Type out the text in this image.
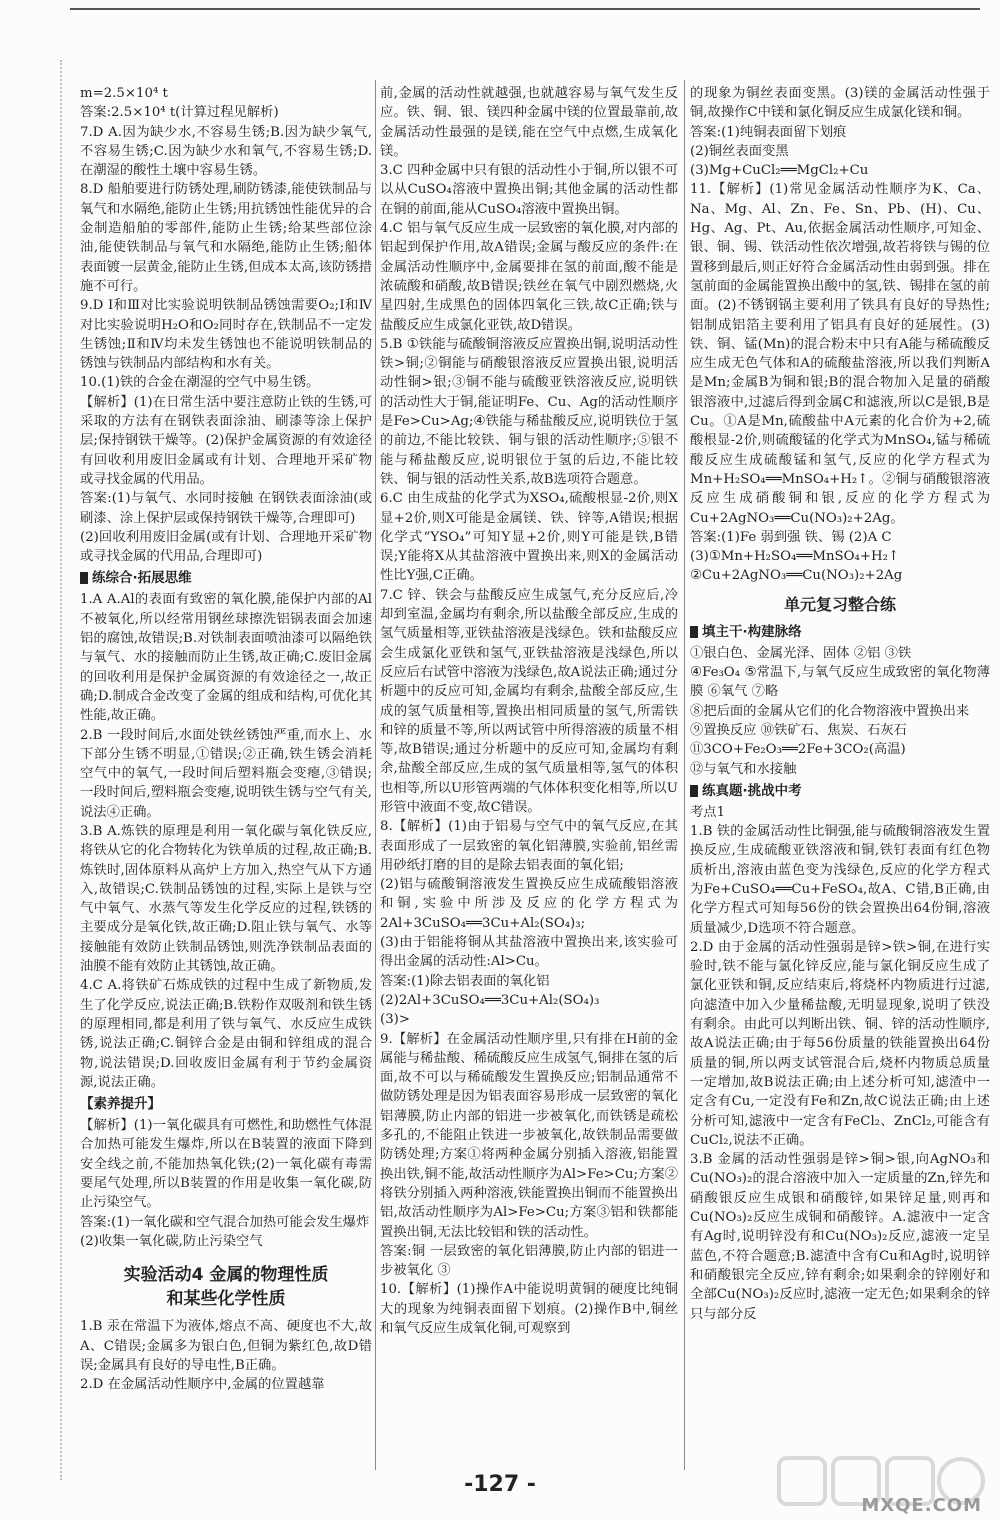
m=2.5×10⁴ t
答案:2.5×10⁴ t(计算过程见解析)
7.D A.因为缺少水,不容易生锈;B.因为缺少氧气,不容易生锈;C.因为缺少水和氧气,不容易生锈;D.在潮湿的酸性土壤中容易生锈。
8.D 船舶要进行防锈处理,刷防锈漆,能使铁制品与氧气和水隔绝,能防止生锈;用抗锈蚀性能优异的合金制造船舶的零部件,能防止生锈;给某些部位涂油,能使铁制品与氧气和水隔绝,能防止生锈;船体表面镀一层黄金,能防止生锈,但成本太高,该防锈措施不可行。
9.D Ⅰ和Ⅲ对比实验说明铁制品锈蚀需要O₂;Ⅰ和Ⅳ对比实验说明H₂O和O₂同时存在,铁制品不一定发生锈蚀;Ⅱ和Ⅳ均未发生锈蚀也不能说明铁制品的锈蚀与铁制品内部结构和水有关。
10.(1)铁的合金在潮湿的空气中易生锈。
【解析】(1)在日常生活中要注意防止铁的生锈,可采取的方法有在钢铁表面涂油、刷漆等涂上保护层;保持钢铁干燥等。(2)保护金属资源的有效途径有回收利用废旧金属或有计划、合理地开采矿物或寻找金属的代用品。
答案:(1)与氧气、水同时接触 在钢铁表面涂油(或刷漆、涂上保护层或保持钢铁干燥等,合理即可)
(2)回收利用废旧金属(或有计划、合理地开采矿物或寻找金属的代用品,合理即可)
练综合·拓展思维
1.A A.Al的表面有致密的氧化膜,能保护内部的Al不被氧化,所以经常用钢丝球擦洗铝锅表面会加速铝的腐蚀,故错误;B.对铁制表面喷油漆可以隔绝铁与氧气、水的接触而防止生锈,故正确;C.废旧金属的回收利用是保护金属资源的有效途径之一,故正确;D.制成合金改变了金属的组成和结构,可优化其性能,故正确。
2.B 一段时间后,水面处铁丝锈蚀严重,而水上、水下部分生锈不明显,①错误;②正确,铁生锈会消耗空气中的氧气,一段时间后塑料瓶会变瘪,③错误;一段时间后,塑料瓶会变瘪,说明铁生锈与空气有关,说法④正确。
3.B A.炼铁的原理是利用一氧化碳与氧化铁反应,将铁从它的化合物转化为铁单质的过程,故正确;B.炼铁时,固体原料从高炉上方加入,热空气从下方通入,故错误;C.铁制品锈蚀的过程,实际上是铁与空气中氧气、水蒸气等发生化学反应的过程,铁锈的主要成分是氧化铁,故正确;D.阻止铁与氧气、水等接触能有效防止铁制品锈蚀,则洗净铁制品表面的油膜不能有效防止其锈蚀,故正确。
4.C A.将铁矿石炼成铁的过程中生成了新物质,发生了化学反应,说法正确;B.铁粉作双吸剂和铁生锈的原理相同,都是利用了铁与氧气、水反应生成铁锈,说法正确;C.铜锌合金是由铜和锌组成的混合物,说法错误;D.回收废旧金属有利于节约金属资源,说法正确。
【素养提升】
【解析】(1)一氧化碳具有可燃性,和助燃性气体混合加热可能发生爆炸,所以在B装置的液面下降到安全线之前,不能加热氧化铁;(2)一氧化碳有毒需要尾气处理,所以B装置的作用是收集一氧化碳,防止污染空气。
答案:(1)一氧化碳和空气混合加热可能会发生爆炸
(2)收集一氧化碳,防止污染空气
实验活动4 金属的物理性质
和某些化学性质
1.B 汞在常温下为液体,熔点不高、硬度也不大,故A、C错误;金属多为银白色,但铜为紫红色,故D错误;金属具有良好的导电性,B正确。
2.D 在金属活动性顺序中,金属的位置越靠
前,金属的活动性就越强,也就越容易与氧气发生反应。铁、铜、银、镁四种金属中镁的位置最靠前,故金属活动性最强的是镁,能在空气中点燃,生成氧化镁。
3.C 四种金属中只有银的活动性小于铜,所以银不可以从CuSO₄溶液中置换出铜;其他金属的活动性都在铜的前面,能从CuSO₄溶液中置换出铜。
4.C 铝与氧气反应生成一层致密的氧化膜,对内部的铝起到保护作用,故A错误;金属与酸反应的条件:在金属活动性顺序中,金属要排在氢的前面,酸不能是浓硫酸和硝酸,故B错误;铁丝在氧气中剧烈燃烧,火星四射,生成黑色的固体四氧化三铁,故C正确;铁与盐酸反应生成氯化亚铁,故D错误。
5.B ①铁能与硫酸铜溶液反应置换出铜,说明活动性铁>铜;②铜能与硝酸银溶液反应置换出银,说明活动性铜>银;③铜不能与硫酸亚铁溶液反应,说明铁的活动性大于铜,能证明Fe、Cu、Ag的活动性顺序是Fe>Cu>Ag;④铁能与稀盐酸反应,说明铁位于氢的前边,不能比较铁、铜与银的活动性顺序;⑤银不能与稀盐酸反应,说明银位于氢的后边,不能比较铁、铜与银的活动性关系,故B选项符合题意。
6.C 由生成盐的化学式为XSO₄,硫酸根显-2价,则X显+2价,则X可能是金属镁、铁、锌等,A错误;根据化学式“YSO₄”可知Y显+2价,则Y可能是铁,B错误;Y能将X从其盐溶液中置换出来,则X的金属活动性比Y强,C正确。
7.C 锌、铁会与盐酸反应生成氢气,充分反应后,冷却到室温,金属均有剩余,所以盐酸全部反应,生成的氢气质量相等,亚铁盐溶液是浅绿色。铁和盐酸反应会生成氯化亚铁和氢气,亚铁盐溶液是浅绿色,所以反应后右试管中溶液为浅绿色,故A说法正确;通过分析题中的反应可知,金属均有剩余,盐酸全部反应,生成的氢气质量相等,置换出相同质量的氢气,所需铁和锌的质量不等,所以两试管中所得溶液的质量不相等,故B错误;通过分析题中的反应可知,金属均有剩余,盐酸全部反应,生成的氢气质量相等,氢气的体积也相等,所以U形管两端的气体体积变化相等,所以U形管中液面不变,故C错误。
8.【解析】(1)由于铝易与空气中的氧气反应,在其表面形成了一层致密的氧化铝薄膜,实验前,铝丝需用砂纸打磨的目的是除去铝表面的氧化铝;
(2)铝与硫酸铜溶液发生置换反应生成硫酸铝溶液和铜,实验中所涉及反应的化学方程式为2Al+3CuSO₄══3Cu+Al₂(SO₄)₃;
(3)由于铝能将铜从其盐溶液中置换出来,该实验可得出金属的活动性:Al>Cu。
答案:(1)除去铝表面的氧化铝
(2)2Al+3CuSO₄══3Cu+Al₂(SO₄)₃
(3)>
9.【解析】在金属活动性顺序里,只有排在H前的金属能与稀盐酸、稀硫酸反应生成氢气,铜排在氢的后面,故不可以与稀硫酸发生置换反应;铝制品通常不做防锈处理是因为铝表面容易形成一层致密的氧化铝薄膜,防止内部的铝进一步被氧化,而铁锈是疏松多孔的,不能阻止铁进一步被氧化,故铁制品需要做防锈处理;方案①将两种金属分别插入溶液,铝能置换出铁,铜不能,故活动性顺序为Al>Fe>Cu;方案②将铁分别插入两种溶液,铁能置换出铜而不能置换出铝,故活动性顺序为Al>Fe>Cu;方案③铝和铁都能置换出铜,无法比较铝和铁的活动性。
答案:铜 一层致密的氧化铝薄膜,防止内部的铝进一步被氧化 ③
10.【解析】(1)操作A中能说明黄铜的硬度比纯铜大的现象为纯铜表面留下划痕。(2)操作B中,铜丝和氧气反应生成氧化铜,可观察到
的现象为铜丝表面变黑。(3)镁的金属活动性强于铜,故操作C中镁和氯化铜反应生成氯化镁和铜。
答案:(1)纯铜表面留下划痕
(2)铜丝表面变黑
(3)Mg+CuCl₂══MgCl₂+Cu
11.【解析】(1)常见金属活动性顺序为K、Ca、Na、Mg、Al、Zn、Fe、Sn、Pb、(H)、Cu、Hg、Ag、Pt、Au,依据金属活动性顺序,可知金、银、铜、锡、铁活动性依次增强,故若将铁与锡的位置移到最后,则正好符合金属活动性由弱到强。排在氢前面的金属能置换出酸中的氢,铁、锡排在氢的前面。(2)不锈钢锅主要利用了铁具有良好的导热性;铝制成铝箔主要利用了铝具有良好的延展性。(3)铁、铜、锰(Mn)的混合粉末中只有A能与稀硫酸反应生成无色气体和A的硫酸盐溶液,所以我们判断A是Mn;金属B为铜和银;B的混合物加入足量的硝酸银溶液中,过滤后得到金属C和滤液,所以C是银,B是Cu。①A是Mn,硫酸盐中A元素的化合价为+2,硫酸根显-2价,则硫酸锰的化学式为MnSO₄,锰与稀硫酸反应生成硫酸锰和氢气,反应的化学方程式为Mn+H₂SO₄══MnSO₄+H₂↑。②铜与硝酸银溶液反应生成硝酸铜和银,反应的化学方程式为Cu+2AgNO₃══Cu(NO₃)₂+2Ag。
答案:(1)Fe 弱到强 铁、锡 (2)A C
(3)①Mn+H₂SO₄══MnSO₄+H₂↑
②Cu+2AgNO₃══Cu(NO₃)₂+2Ag
单元复习整合练
填主干·构建脉络
①银白色、金属光泽、固体 ②铝 ③铁
④Fe₃O₄ ⑤常温下,与氧气反应生成致密的氧化物薄膜 ⑥氧气 ⑦略
⑧把后面的金属从它们的化合物溶液中置换出来
⑨置换反应 ⑩铁矿石、焦炭、石灰石
⑪3CO+Fe₂O₃══2Fe+3CO₂(高温)
⑫与氧气和水接触
练真题·挑战中考
考点1
1.B 铁的金属活动性比铜强,能与硫酸铜溶液发生置换反应,生成硫酸亚铁溶液和铜,铁钉表面有红色物质析出,溶液由蓝色变为浅绿色,反应的化学方程式为Fe+CuSO₄══Cu+FeSO₄,故A、C错,B正确,由化学方程式可知每56份的铁会置换出64份铜,溶液质量减少,D选项不符合题意。
2.D 由于金属的活动性强弱是锌>铁>铜,在进行实验时,铁不能与氯化锌反应,能与氯化铜反应生成了氯化亚铁和铜,反应结束后,将烧杯内物质进行过滤,向滤渣中加入少量稀盐酸,无明显现象,说明了铁没有剩余。由此可以判断出铁、铜、锌的活动性顺序,故A说法正确;由于每56份质量的铁能置换出64份质量的铜,所以两支试管混合后,烧杯内物质总质量一定增加,故B说法正确;由上述分析可知,滤渣中一定含有Cu,一定没有Fe和Zn,故C说法正确;由上述分析可知,滤液中一定含有FeCl₂、ZnCl₂,可能含有CuCl₂,说法不正确。
3.B 金属的活动性强弱是锌>铜>银,向AgNO₃和Cu(NO₃)₂的混合溶液中加入一定质量的Zn,锌先和硝酸银反应生成银和硝酸锌,如果锌足量,则再和Cu(NO₃)₂反应生成铜和硝酸锌。A.滤液中一定含有Ag时,说明锌没有和Cu(NO₃)₂反应,滤液一定呈蓝色,不符合题意;B.滤渣中含有Cu和Ag时,说明锌和硝酸银完全反应,锌有剩余;如果剩余的锌刚好和全部Cu(NO₃)₂反应时,滤液一定无色;如果剩余的锌只与部分反
-127 -
MXQE.COM
